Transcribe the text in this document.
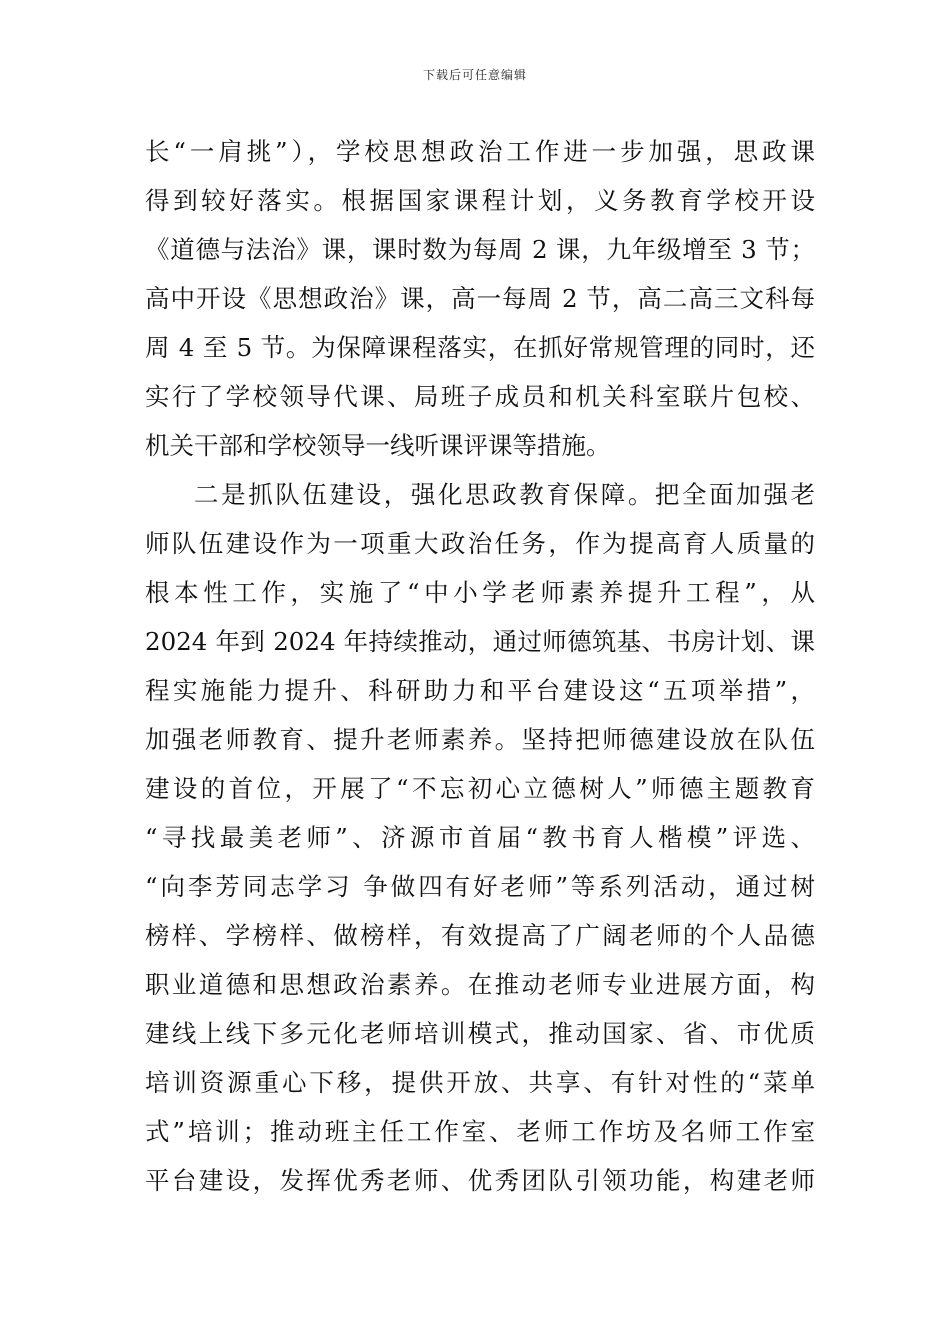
下载后可任意编辑
长“一肩挑”），学校思想政治工作进一步加强，思政课
得到较好落实。根据国家课程计划，义务教育学校开设
《道德与法治》课，课时数为每周 2 课，九年级增至 3 节；
高中开设《思想政治》课，高一每周 2 节，高二高三文科每
周 4 至 5 节。为保障课程落实，在抓好常规管理的同时，还
实行了学校领导代课、局班子成员和机关科室联片包校、
机关干部和学校领导一线听课评课等措施。
二是抓队伍建设，强化思政教育保障。把全面加强老
师队伍建设作为一项重大政治任务，作为提高育人质量的
根本性工作，实施了“中小学老师素养提升工程”，从
2024 年到 2024 年持续推动，通过师德筑基、书房计划、课
程实施能力提升、科研助力和平台建设这“五项举措”，
加强老师教育、提升老师素养。坚持把师德建设放在队伍
建设的首位，开展了“不忘初心立德树人”师德主题教育
“寻找最美老师”、济源市首届“教书育人楷模”评选、
“向李芳同志学习 争做四有好老师”等系列活动，通过树
榜样、学榜样、做榜样，有效提高了广阔老师的个人品德
职业道德和思想政治素养。在推动老师专业进展方面，构
建线上线下多元化老师培训模式，推动国家、省、市优质
培训资源重心下移，提供开放、共享、有针对性的“菜单
式”培训；推动班主任工作室、老师工作坊及名师工作室
平台建设，发挥优秀老师、优秀团队引领功能，构建老师
